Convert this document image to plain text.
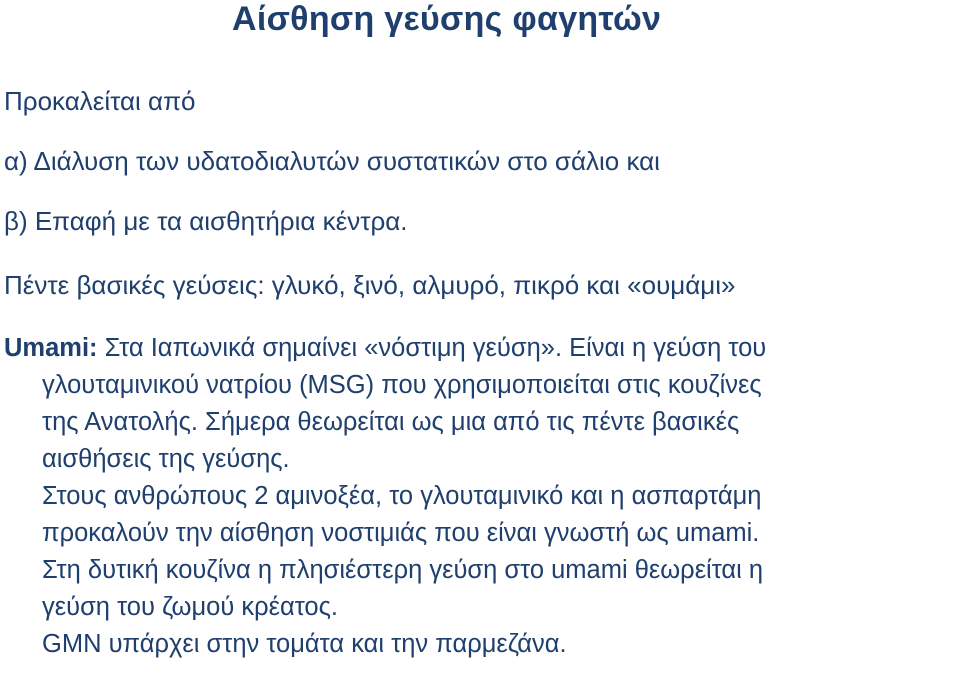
Αίσθηση γεύσης φαγητών
Προκαλείται από
α) Διάλυση των υδατοδιαλυτών συστατικών στο σάλιο και
β) Επαφή με τα αισθητήρια κέντρα.
Πέντε βασικές γεύσεις: γλυκό, ξινό, αλμυρό, πικρό και «ουμάμι»
Umami: Στα Ιαπωνικά σημαίνει «νόστιμη γεύση». Είναι η γεύση του
γλουταμινικού νατρίου (MSG) που χρησιμοποιείται στις κουζίνες
της Ανατολής. Σήμερα θεωρείται ως μια από τις πέντε βασικές
αισθήσεις της γεύσης.
Στους ανθρώπους 2 αμινοξέα, το γλουταμινικό και η ασπαρτάμη
προκαλούν την αίσθηση νοστιμιάς που είναι γνωστή ως umami.
Στη δυτική κουζίνα η πλησιέστερη γεύση στο umami θεωρείται η
γεύση του ζωμού κρέατος.
GMN υπάρχει στην τομάτα και την παρμεζάνα.
